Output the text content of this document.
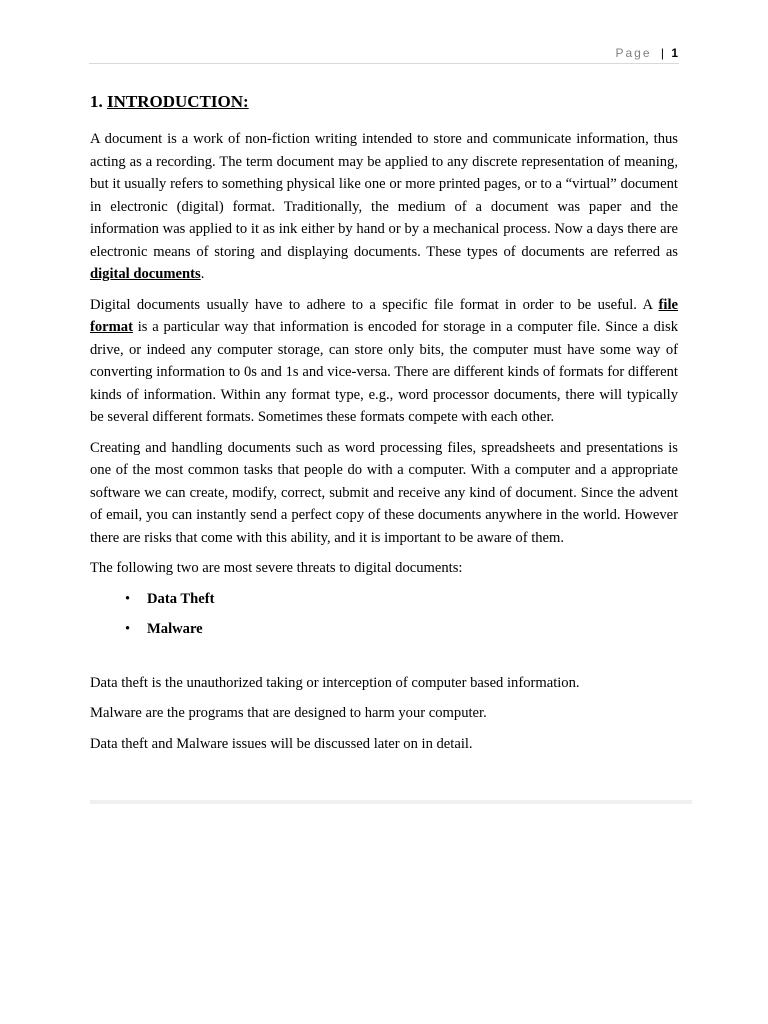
Page | 1
1. INTRODUCTION:

A document is a work of non-fiction writing intended to store and communicate information, thus acting as a recording. The term document may be applied to any discrete representation of meaning, but it usually refers to something physical like one or more printed pages, or to a “virtual” document in electronic (digital) format. Traditionally, the medium of a document was paper and the information was applied to it as ink either by hand or by a mechanical process. Now a days there are electronic means of storing and displaying documents. These types of documents are referred as digital documents.

Digital documents usually have to adhere to a specific file format in order to be useful. A file format is a particular way that information is encoded for storage in a computer file. Since a disk drive, or indeed any computer storage, can store only bits, the computer must have some way of converting information to 0s and 1s and vice-versa. There are different kinds of formats for different kinds of information. Within any format type, e.g., word processor documents, there will typically be several different formats. Sometimes these formats compete with each other.

Creating and handling documents such as word processing files, spreadsheets and presentations is one of the most common tasks that people do with a computer. With a computer and a appropriate software we can create, modify, correct, submit and receive any kind of document. Since the advent of email, you can instantly send a perfect copy of these documents anywhere in the world. However there are risks that come with this ability, and it is important to be aware of them.

The following two are most severe threats to digital documents:

• Data Theft
• Malware

Data theft is the unauthorized taking or interception of computer based information.

Malware are the programs that are designed to harm your computer.

Data theft and Malware issues will be discussed later on in detail.
